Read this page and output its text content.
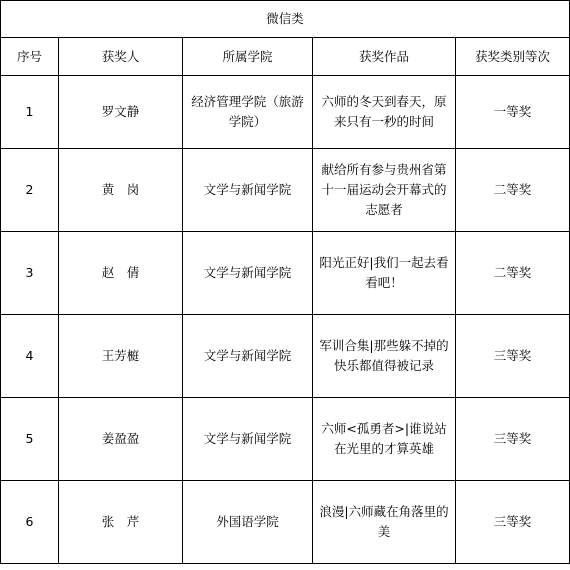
微信类				
序号	获奖人	所属学院	获奖作品	获奖类别等次
1	罗文静	经济管理学院（旅游学院）	六师的冬天到春天，原来只有一秒的时间	一等奖
2	黄　岗	文学与新闻学院	献给所有参与贵州省第十一届运动会开幕式的志愿者	二等奖
3	赵　倩	文学与新闻学院	阳光正好|我们一起去看看吧！	二等奖
4	王芳榳	文学与新闻学院	军训合集|那些躲不掉的快乐都值得被记录	三等奖
5	姜盈盈	文学与新闻学院	六师<孤勇者>|谁说站在光里的才算英雄	三等奖
6	张　芹	外国语学院	浪漫|六师藏在角落里的美	三等奖
